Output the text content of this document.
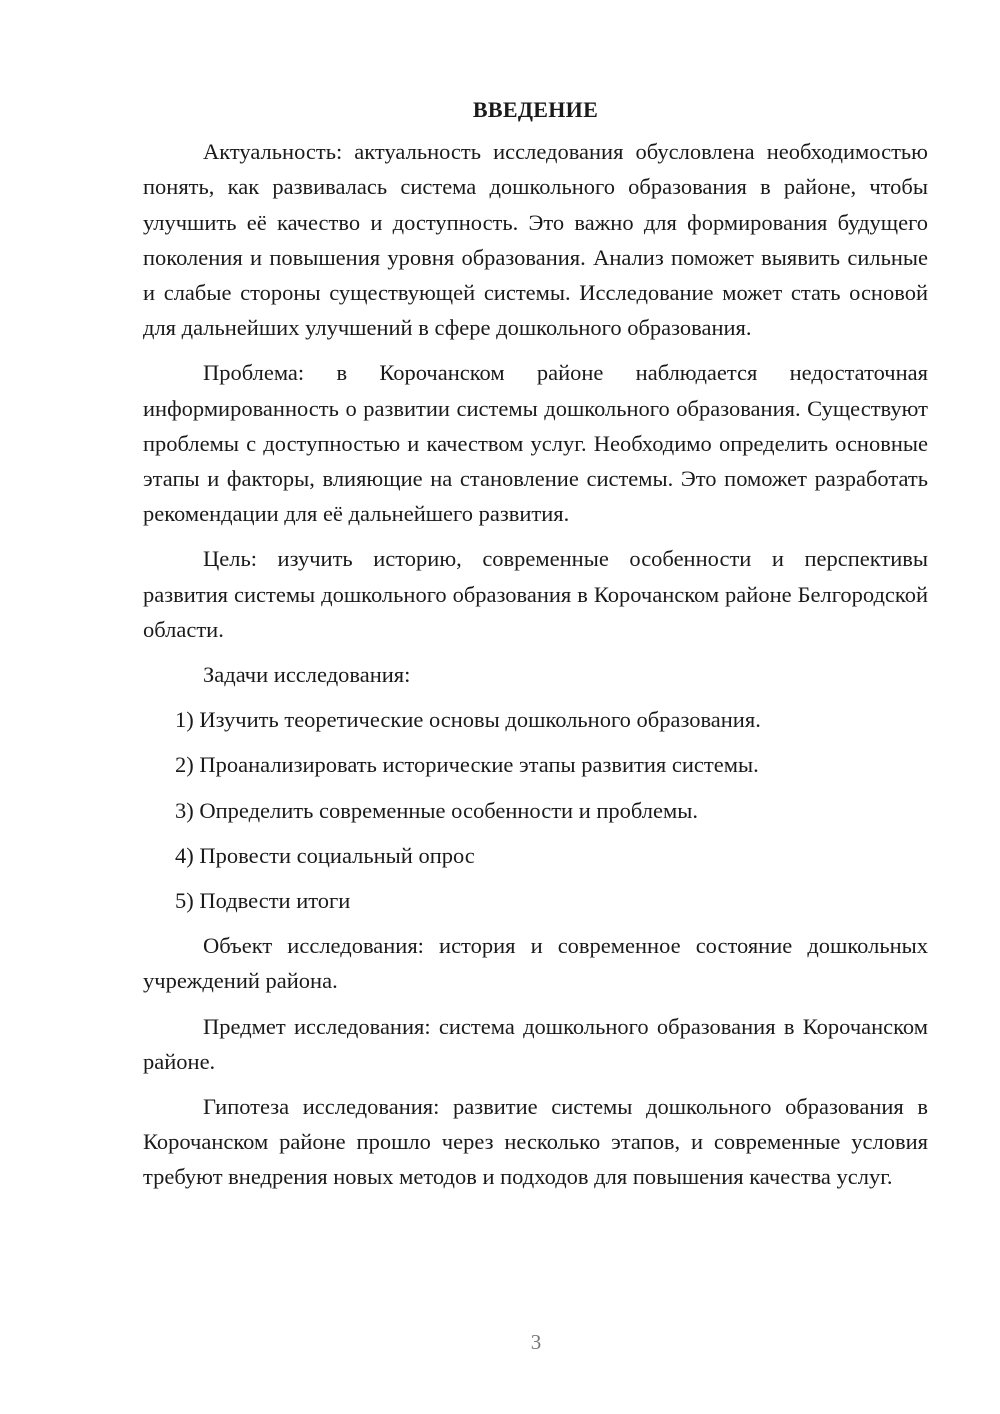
ВВЕДЕНИЕ

Актуальность: актуальность исследования обусловлена необходимостью понять, как развивалась система дошкольного образования в районе, чтобы улучшить её качество и доступность. Это важно для формирования будущего поколения и повышения уровня образования. Анализ поможет выявить сильные и слабые стороны существующей системы. Исследование может стать основой для дальнейших улучшений в сфере дошкольного образования.

Проблема: в Корочанском районе наблюдается недостаточная информированность о развитии системы дошкольного образования. Существуют проблемы с доступностью и качеством услуг. Необходимо определить основные этапы и факторы, влияющие на становление системы. Это поможет разработать рекомендации для её дальнейшего развития.

Цель: изучить историю, современные особенности и перспективы развития системы дошкольного образования в Корочанском районе Белгородской области.

Задачи исследования:

1) Изучить теоретические основы дошкольного образования.
2) Проанализировать исторические этапы развития системы.
3) Определить современные особенности и проблемы.
4) Провести социальный опрос
5) Подвести итоги

Объект исследования: история и современное состояние дошкольных учреждений района.

Предмет исследования: система дошкольного образования в Корочанском районе.

Гипотеза исследования: развитие системы дошкольного образования в Корочанском районе прошло через несколько этапов, и современные условия требуют внедрения новых методов и подходов для повышения качества услуг.

3
